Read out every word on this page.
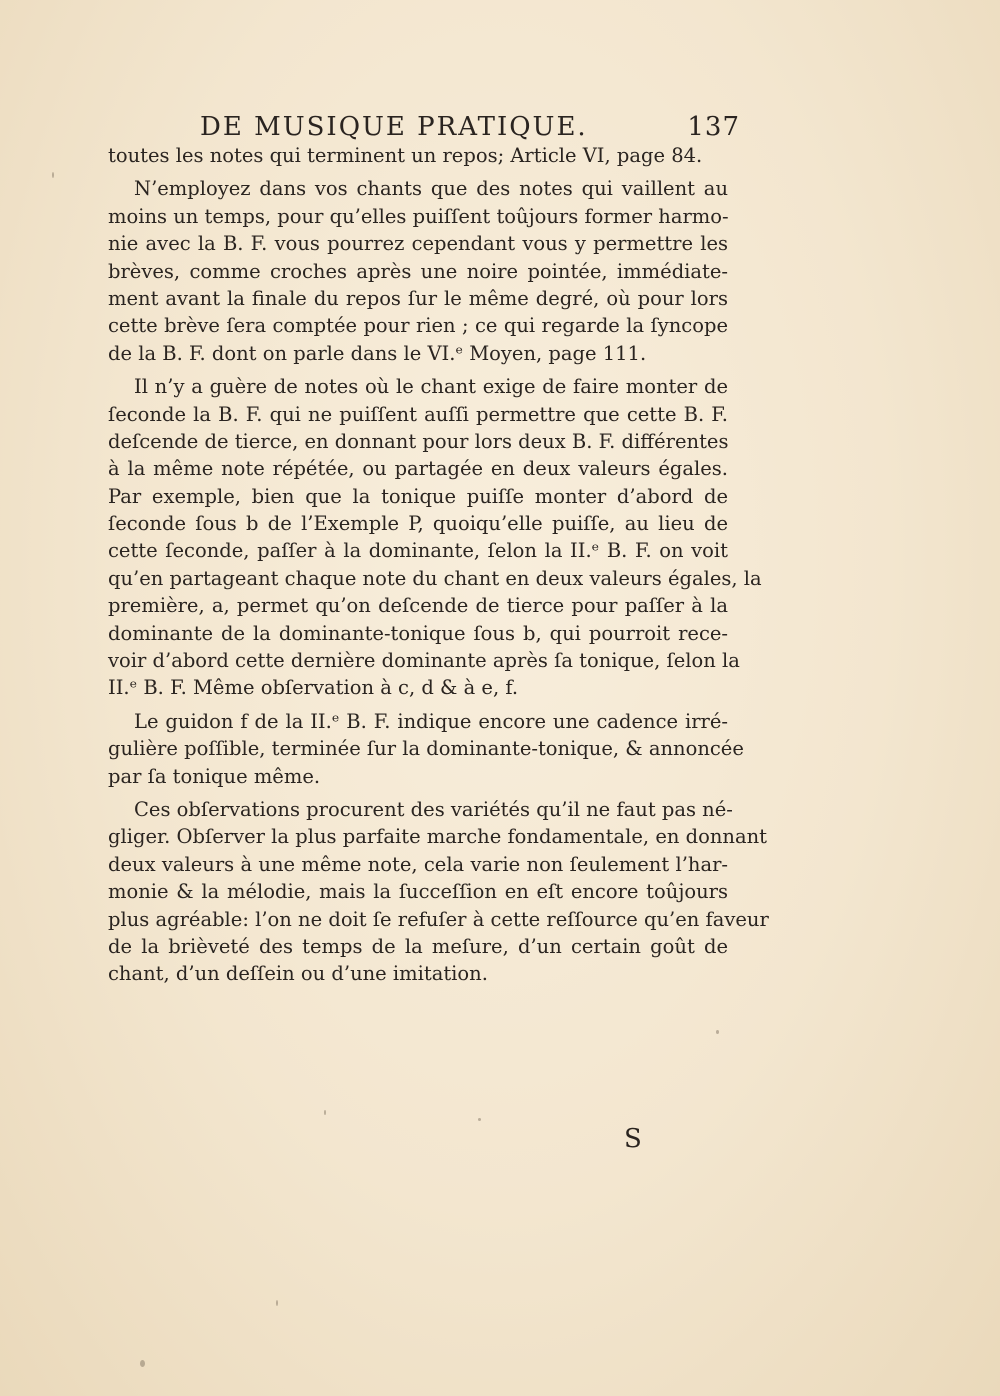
DE MUSIQUE PRATIQUE.	137
toutes les notes qui terminent un repos; Article VI, page 84.
N’employez dans vos chants que des notes qui vaillent au
moins un temps, pour qu’elles puiſſent toûjours former harmo-
nie avec la B. F. vous pourrez cependant vous y permettre les
brèves, comme croches après une noire pointée, immédiate-
ment avant la finale du repos ſur le même degré, où pour lors
cette brève ſera comptée pour rien ; ce qui regarde la ſyncope
de la B. F. dont on parle dans le VI.ᵉ Moyen, page 111.
Il n’y a guère de notes où le chant exige de faire monter de
ſeconde la B. F. qui ne puiſſent auſſi permettre que cette B. F.
deſcende de tierce, en donnant pour lors deux B. F. différentes
à la même note répétée, ou partagée en deux valeurs égales.
Par exemple, bien que la tonique puiſſe monter d’abord de
ſeconde ſous b de l’Exemple P, quoiqu’elle puiſſe, au lieu de
cette ſeconde, paſſer à la dominante, ſelon la II.ᵉ B. F. on voit
qu’en partageant chaque note du chant en deux valeurs égales, la
première, a, permet qu’on deſcende de tierce pour paſſer à la
dominante de la dominante-tonique ſous b, qui pourroit rece-
voir d’abord cette dernière dominante après ſa tonique, ſelon la
II.ᵉ B. F. Même obſervation à c, d & à e, f.
Le guidon f de la II.ᵉ B. F. indique encore une cadence irré-
gulière poſſible, terminée ſur la dominante-tonique, & annoncée
par ſa tonique même.
Ces obſervations procurent des variétés qu’il ne faut pas né-
gliger. Obſerver la plus parfaite marche fondamentale, en donnant
deux valeurs à une même note, cela varie non ſeulement l’har-
monie & la mélodie, mais la ſucceſſion en eſt encore toûjours
plus agréable: l’on ne doit ſe refuſer à cette reſſource qu’en faveur
de la brièveté des temps de la meſure, d’un certain goût de
chant, d’un deſſein ou d’une imitation.
S
